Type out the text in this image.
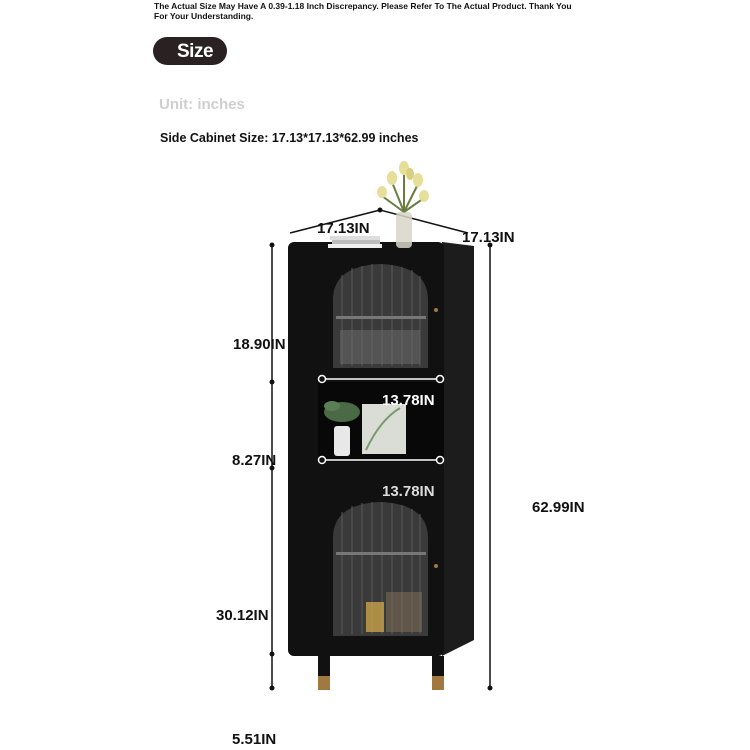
The Actual Size May Have A 0.39-1.18 Inch Discrepancy. Please Refer To The Actual Product. Thank You For Your Understanding.
Size
Unit: inches
Side Cabinet Size: 17.13*17.13*62.99 inches
17.13IN
17.13IN
18.90IN
13.78IN
8.27IN
13.78IN
62.99IN
30.12IN
5.51IN
